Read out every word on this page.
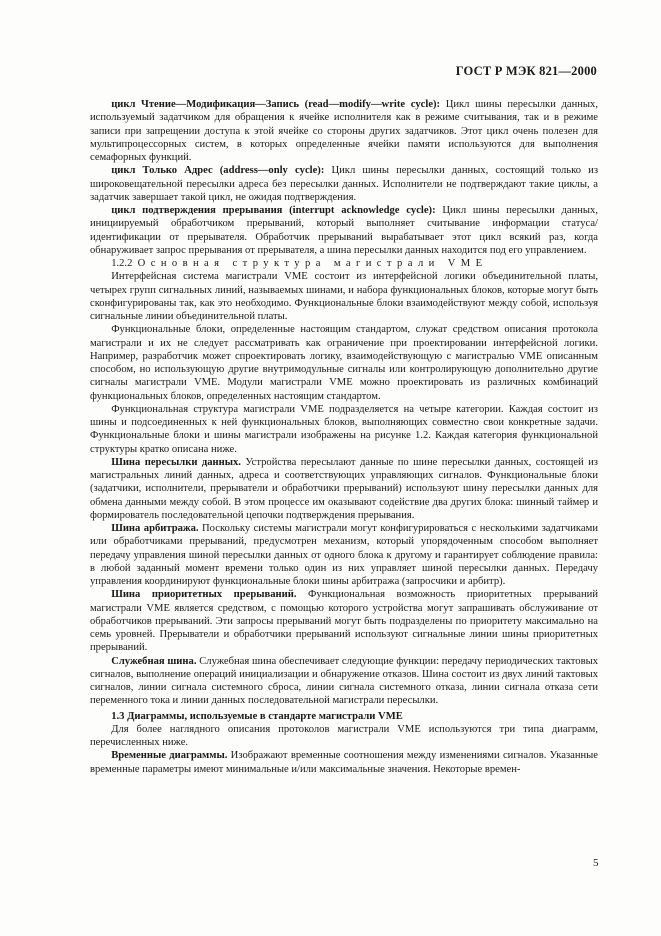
ГОСТ Р МЭК 821—2000

  цикл Чтение—Модификация—Запись (read—modify—write cycle): Цикл шины пересылки данных, используемый задатчиком для обращения к ячейке исполнителя как в режиме считывания, так и в режиме записи при запрещении доступа к этой ячейке со стороны других задатчиков. Этот цикл очень полезен для мультипроцессорных систем, в которых определенные ячейки памяти используются для выполнения семафорных функций.

  цикл Только Адрес (address—only cycle): Цикл шины пересылки данных, состоящий только из широковещательной пересылки адреса без пересылки данных. Исполнители не подтверждают такие циклы, а задатчик завершает такой цикл, не ожидая подтверждения.

  цикл подтверждения прерывания (interrupt acknowledge cycle): Цикл шины пересылки данных, инициируемый обработчиком прерываний, который выполняет считывание информации статуса/идентификации от прерывателя. Обработчик прерываний вырабатывает этот цикл всякий раз, когда обнаруживает запрос прерывания от прерывателя, а шина пересылки данных находится под его управлением.

  1.2.2 Основная структура магистрали VME

  Интерфейсная система магистрали VME состоит из интерфейсной логики объединительной платы, четырех групп сигнальных линий, называемых шинами, и набора функциональных блоков, которые могут быть сконфигурированы так, как это необходимо. Функциональные блоки взаимодействуют между собой, используя сигнальные линии объединительной платы.

  Функциональные блоки, определенные настоящим стандартом, служат средством описания протокола магистрали и их не следует рассматривать как ограничение при проектировании интерфейсной логики. Например, разработчик может спроектировать логику, взаимодействующую с магистралью VME описанным способом, но использующую другие внутримодульные сигналы или контролирующую дополнительно другие сигналы магистрали VME. Модули магистрали VME можно проектировать из различных комбинаций функциональных блоков, определенных настоящим стандартом.

  Функциональная структура магистрали VME подразделяется на четыре категории. Каждая состоит из шины и подсоединенных к ней функциональных блоков, выполняющих совместно свои конкретные задачи. Функциональные блоки и шины магистрали изображены на рисунке 1.2. Каждая категория функциональной структуры кратко описана ниже.

  Шина пересылки данных. Устройства пересылают данные по шине пересылки данных, состоящей из магистральных линий данных, адреса и соответствующих управляющих сигналов. Функциональные блоки (задатчики, исполнители, прерыватели и обработчики прерываний) используют шину пересылки данных для обмена данными между собой. В этом процессе им оказывают содействие два других блока: шинный таймер и формирователь последовательной цепочки подтверждения прерывания.

  Шина арбитража. Поскольку системы магистрали могут конфигурироваться с несколькими задатчиками или обработчиками прерываний, предусмотрен механизм, который упорядоченным способом выполняет передачу управления шиной пересылки данных от одного блока к другому и гарантирует соблюдение правила: в любой заданный момент времени только один из них управляет шиной пересылки данных. Передачу управления координируют функциональные блоки шины арбитража (запросчики и арбитр).

  Шина приоритетных прерываний. Функциональная возможность приоритетных прерываний магистрали VME является средством, с помощью которого устройства могут запрашивать обслуживание от обработчиков прерываний. Эти запросы прерываний могут быть подразделены по приоритету максимально на семь уровней. Прерыватели и обработчики прерываний используют сигнальные линии шины приоритетных прерываний.

  Служебная шина. Служебная шина обеспечивает следующие функции: передачу периодических тактовых сигналов, выполнение операций инициализации и обнаружение отказов. Шина состоит из двух линий тактовых сигналов, линии сигнала системного сброса, линии сигнала системного отказа, линии сигнала отказа сети переменного тока и линии данных последовательной магистрали пересылки.

  1.3 Диаграммы, используемые в стандарте магистрали VME

  Для более наглядного описания протоколов магистрали VME используются три типа диаграмм, перечисленных ниже.

  Временные диаграммы. Изображают временные соотношения между изменениями сигналов. Указанные временные параметры имеют минимальные и/или максимальные значения. Некоторые времен-

5
